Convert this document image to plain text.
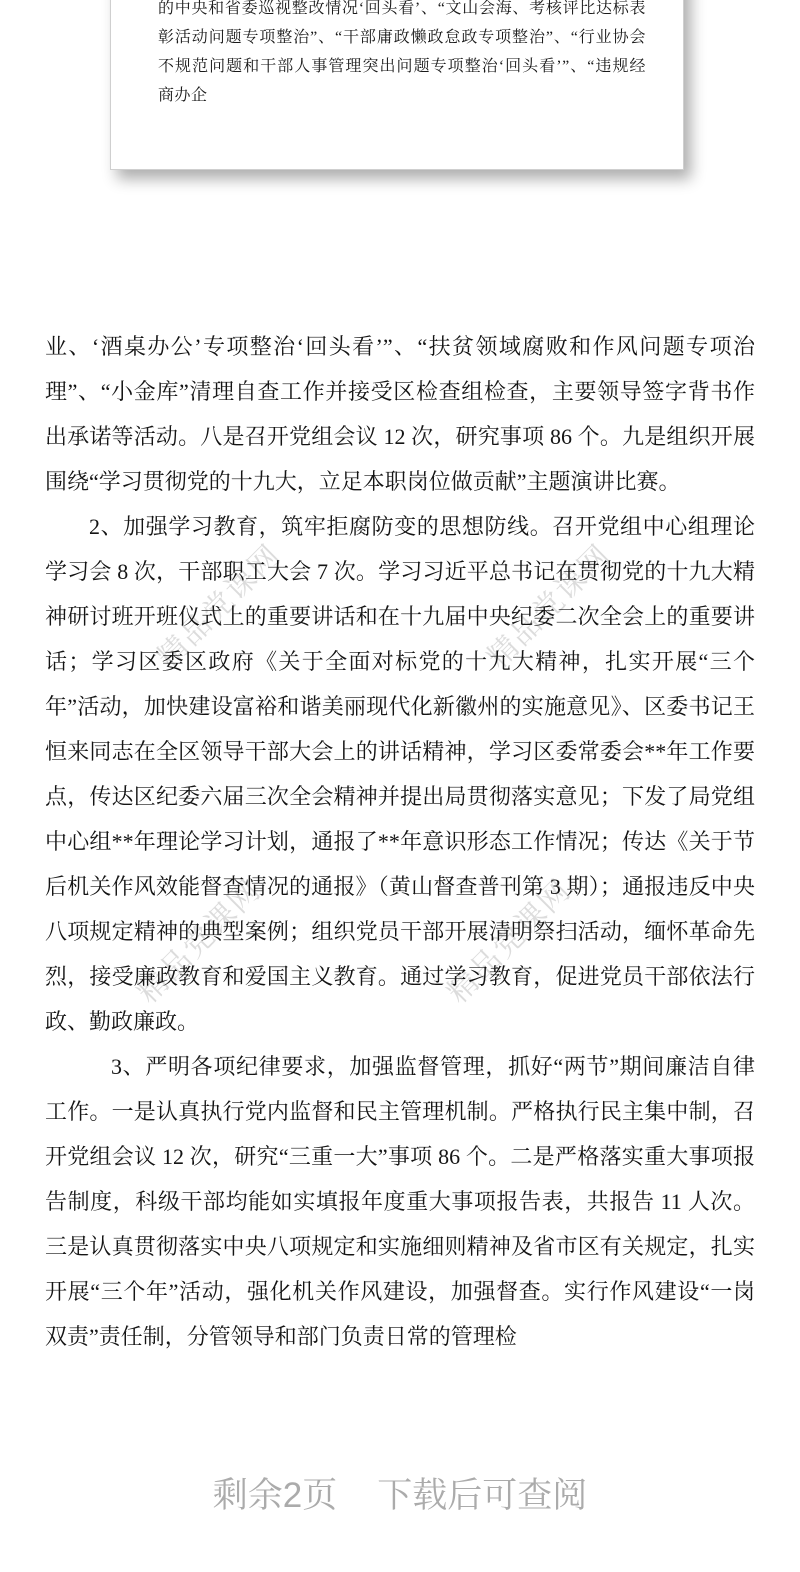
的中央和省委巡视整改情况‘回头看’、“文山会海、考核评比达标表彰活动问题专项整治”、“干部庸政懒政怠政专项整治”、“行业协会不规范问题和干部人事管理突出问题专项整治‘回头看’”、“违规经商办企
精品党课网	精品党课网
精品党课网	精品党课网

业、‘酒桌办公’专项整治‘回头看’”、“扶贫领域腐败和作风问题专项治理”、“小金库”清理自查工作并接受区检查组检查，主要领导签字背书作出承诺等活动。八是召开党组会议 12 次，研究事项 86 个。九是组织开展围绕“学习贯彻党的十九大，立足本职岗位做贡献”主题演讲比赛。

2、加强学习教育，筑牢拒腐防变的思想防线。召开党组中心组理论学习会 8 次，干部职工大会 7 次。学习习近平总书记在贯彻党的十九大精神研讨班开班仪式上的重要讲话和在十九届中央纪委二次全会上的重要讲话；学习区委区政府《关于全面对标党的十九大精神，扎实开展“三个年”活动，加快建设富裕和谐美丽现代化新徽州的实施意见》、区委书记王恒来同志在全区领导干部大会上的讲话精神，学习区委常委会**年工作要点，传达区纪委六届三次全会精神并提出局贯彻落实意见；下发了局党组中心组**年理论学习计划，通报了**年意识形态工作情况；传达《关于节后机关作风效能督查情况的通报》（黄山督查普刊第 3 期）；通报违反中央八项规定精神的典型案例；组织党员干部开展清明祭扫活动，缅怀革命先烈，接受廉政教育和爱国主义教育。通过学习教育，促进党员干部依法行政、勤政廉政。

3、严明各项纪律要求，加强监督管理，抓好“两节”期间廉洁自律工作。一是认真执行党内监督和民主管理机制。严格执行民主集中制，召开党组会议 12 次，研究“三重一大”事项 86 个。二是严格落实重大事项报告制度，科级干部均能如实填报年度重大事项报告表，共报告 11 人次。三是认真贯彻落实中央八项规定和实施细则精神及省市区有关规定，扎实开展“三个年”活动，强化机关作风建设，加强督查。实行作风建设“一岗双责”责任制，分管领导和部门负责日常的管理检

剩余2页 下载后可查阅
